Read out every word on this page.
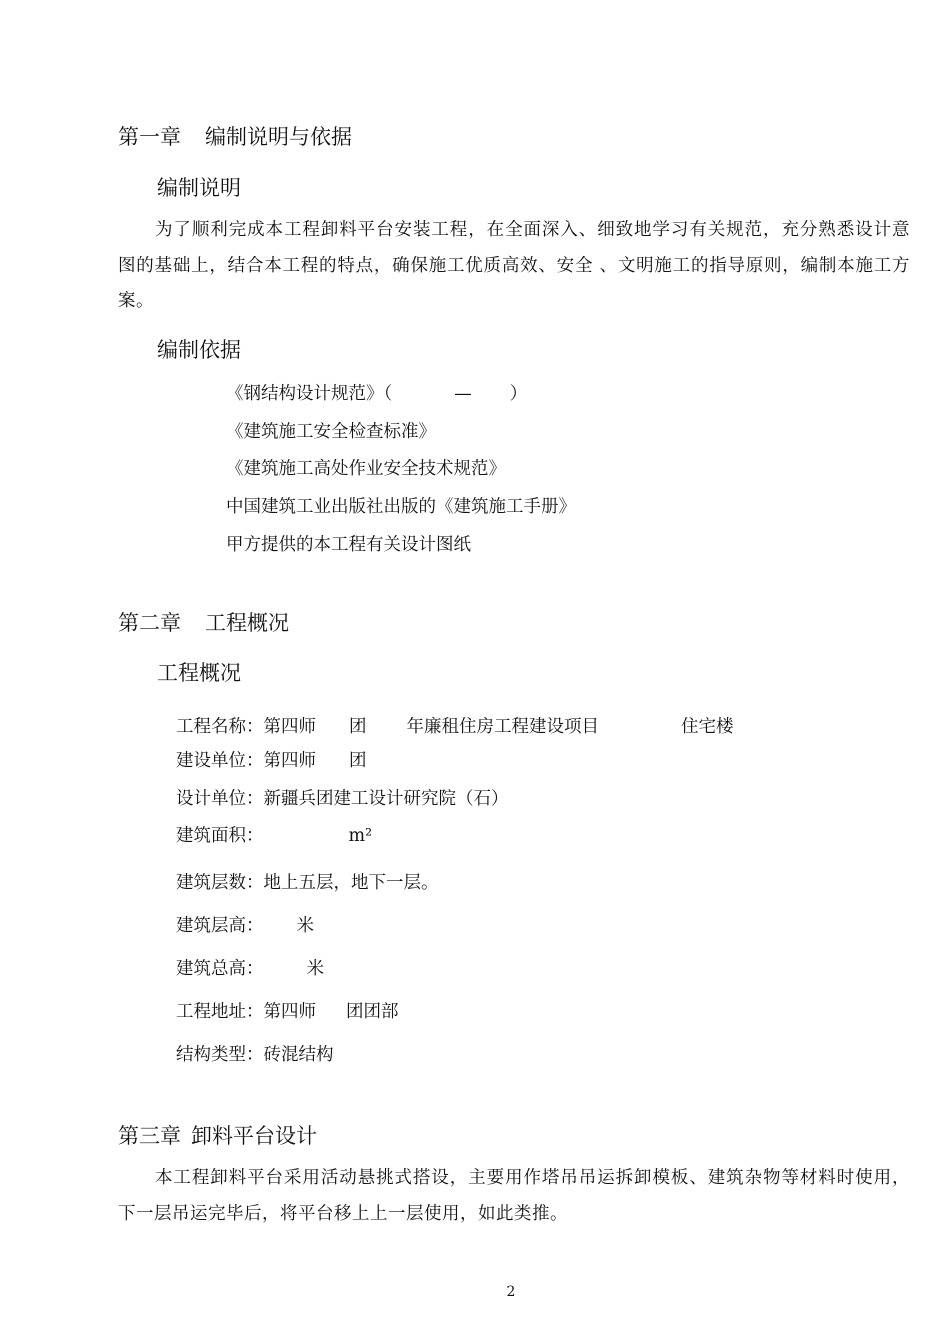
第一章 编制说明与依据
编制说明
为了顺利完成本工程卸料平台安装工程，在全面深入、细致地学习有关规范，充分熟悉设计意图的基础上，结合本工程的特点，确保施工优质高效、安全 、文明施工的指导原则，编制本施工方案。
编制依据
《钢结构设计规范》（	— ）
《建筑施工安全检查标准》
《建筑施工高处作业安全技术规范》
中国建筑工业出版社出版的《建筑施工手册》
甲方提供的本工程有关设计图纸
第二章 工程概况
工程概况
工程名称：第四师 团 年廉租住房工程建设项目	住宅楼
建设单位：第四师 团
设计单位：新疆兵团建工设计研究院（石）
建筑面积：	m²
建筑层数：地上五层，地下一层。
建筑层高： 米
建筑总高： 米
工程地址：第四师 团团部
结构类型：砖混结构
第三章 卸料平台设计
本工程卸料平台采用活动悬挑式搭设，主要用作塔吊吊运拆卸模板、建筑杂物等材料时使用，下一层吊运完毕后，将平台移上上一层使用，如此类推。
2
